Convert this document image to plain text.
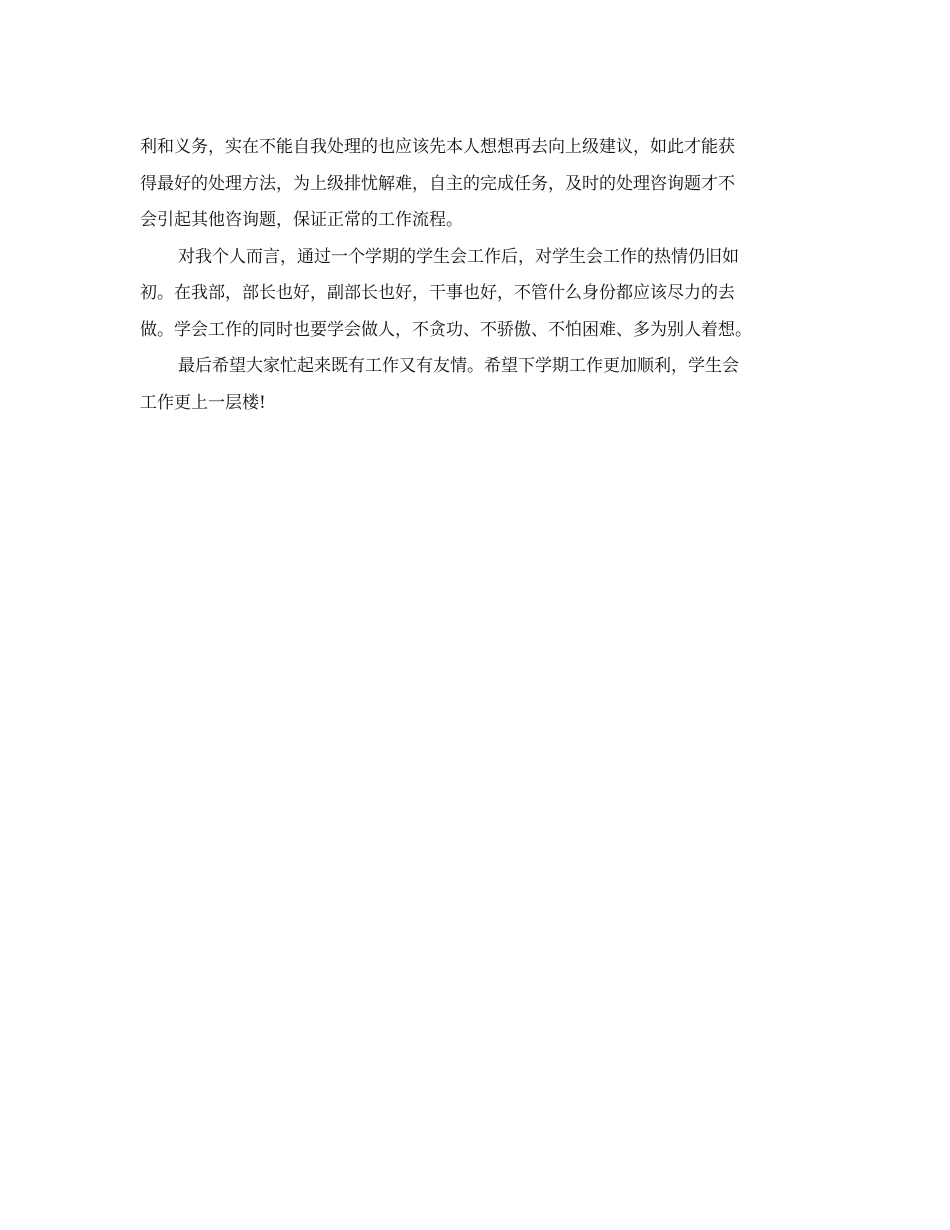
利和义务，实在不能自我处理的也应该先本人想想再去向上级建议，如此才能获
得最好的处理方法，为上级排忧解难，自主的完成任务，及时的处理咨询题才不
会引起其他咨询题，保证正常的工作流程。

对我个人而言，通过一个学期的学生会工作后，对学生会工作的热情仍旧如
初。在我部，部长也好，副部长也好，干事也好，不管什么身份都应该尽力的去
做。学会工作的同时也要学会做人，不贪功、不骄傲、不怕困难、多为别人着想。

最后希望大家忙起来既有工作又有友情。希望下学期工作更加顺利，学生会
工作更上一层楼!
